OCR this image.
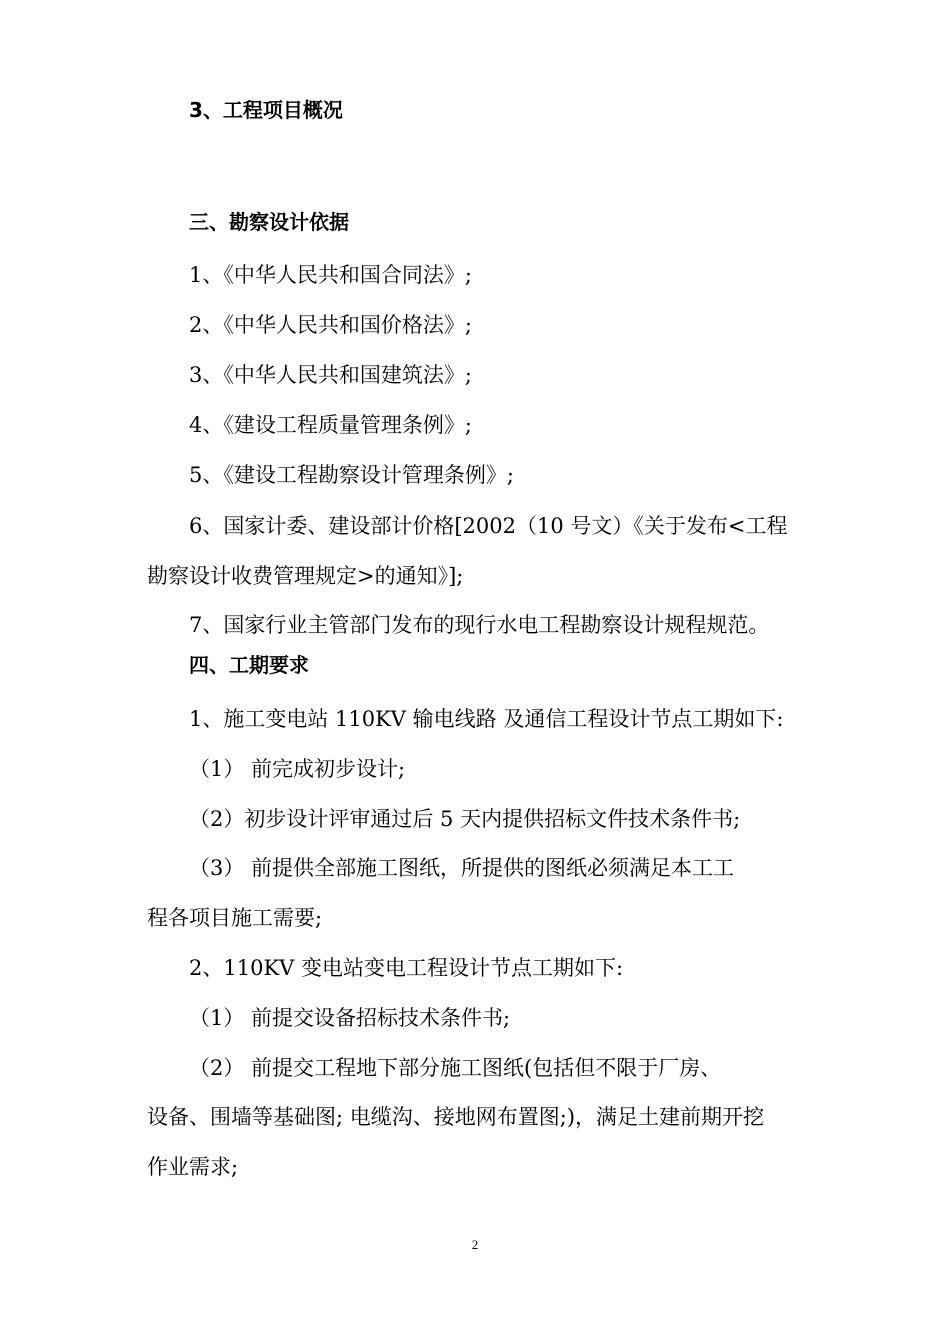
3、工程项目概况

三、勘察设计依据

1、《中华人民共和国合同法》;

2、《中华人民共和国价格法》;

3、《中华人民共和国建筑法》;

4、《建设工程质量管理条例》;

5、《建设工程勘察设计管理条例》;

6、国家计委、建设部计价格[2002（10 号文）《关于发布<工程

勘察设计收费管理规定>的通知》];

7、国家行业主管部门发布的现行水电工程勘察设计规程规范。

四、工期要求

1、施工变电站 110KV 输电线路 及通信工程设计节点工期如下:

（1） 前完成初步设计;

（2）初步设计评审通过后 5 天内提供招标文件技术条件书;

（3） 前提供全部施工图纸，所提供的图纸必须满足本工工

程各项目施工需要;

2、110KV 变电站变电工程设计节点工期如下:

（1） 前提交设备招标技术条件书;

（2） 前提交工程地下部分施工图纸(包括但不限于厂房、

设备、围墙等基础图; 电缆沟、接地网布置图;)，满足土建前期开挖

作业需求;

2
